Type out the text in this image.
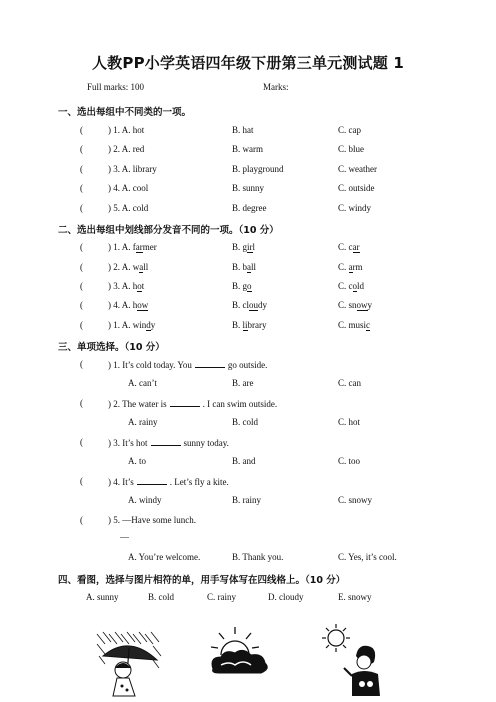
人教PP小学英语四年级下册第三单元测试题 1
Full marks: 100	Marks:
一、选出每组中不同类的一项。
(	) 1. A. hot	B. hat	C. cap
(	) 2. A. red	B. warm	C. blue
(	) 3. A. library	B. playground	C. weather
(	) 4. A. cool	B. sunny	C. outside
(	) 5. A. cold	B. degree	C. windy
二、选出每组中划线部分发音不同的一项。（10 分）
(	) 1. A. farmer	B. girl	C. car
(	) 2. A. wall	B. ball	C. arm
(	) 3. A. hot	B. go	C. cold
(	) 4. A. how	B. cloudy	C. snowy
(	) 1. A. windy	B. library	C. music
三、单项选择。（10 分）
(	) 1. It’s cold today. You	go outside.
A. can’t	B. are	C. can
(	) 2. The water is	. I can swim outside.
A. rainy	B. cold	C. hot
(	) 3. It’s hot	sunny today.
A. to	B. and	C. too
(	) 4. It’s	. Let’s fly a kite.
A. windy	B. rainy	C. snowy
(	) 5. —Have some lunch.
—
A. You’re welcome.	B. Thank you.	C. Yes, it’s cool.
四、看图，选择与图片相符的单，用手写体写在四线格上。（10 分）
A. sunny	B. cold	C. rainy	D. cloudy	E. snowy
